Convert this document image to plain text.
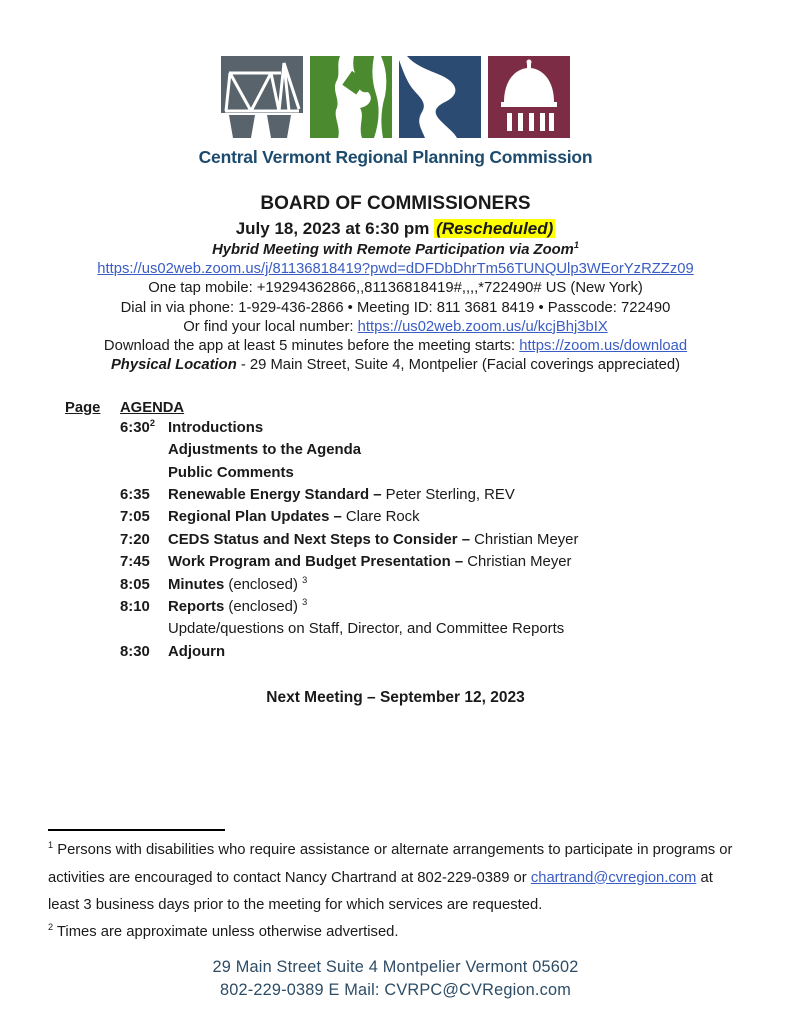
Central Vermont Regional Planning Commission
BOARD OF COMMISSIONERS
July 18, 2023 at 6:30 pm (Rescheduled)
Hybrid Meeting with Remote Participation via Zoom$^1$
https://us02web.zoom.us/j/81136818419?pwd=dDFDbDhrTm56TUNQUlp3WEorYzRZZz09
One tap mobile: +19294362866,,81136818419#,,,,*722490# US (New York)
Dial in via phone: 1-929-436-2866 • Meeting ID: 811 3681 8419 • Passcode: 722490
Or find your local number: https://us02web.zoom.us/u/kcjBhj3bIX
Download the app at least 5 minutes before the meeting starts: https://zoom.us/download
Physical Location - 29 Main Street, Suite 4, Montpelier (Facial coverings appreciated)
Page	AGENDA
$6:30^2$ Introductions
Adjustments to the Agenda
Public Comments
6:35	Renewable Energy Standard – Peter Sterling, REV
7:05	Regional Plan Updates – Clare Rock
7:20	CEDS Status and Next Steps to Consider – Christian Meyer
7:45	Work Program and Budget Presentation – Christian Meyer
8:05	Minutes (enclosed) $^3$
8:10	Reports (enclosed) $^3$
Update/questions on Staff, Director, and Committee Reports
8:30	Adjourn
Next Meeting – September 12, 2023
$^1$ Persons with disabilities who require assistance or alternate arrangements to participate in programs or activities are encouraged to contact Nancy Chartrand at 802-229-0389 or chartrand@cvregion.com at least 3 business days prior to the meeting for which services are requested.
$^2$ Times are approximate unless otherwise advertised.
29 Main Street Suite 4 Montpelier Vermont 05602
802-229-0389 E Mail: CVRPC@CVRegion.com
